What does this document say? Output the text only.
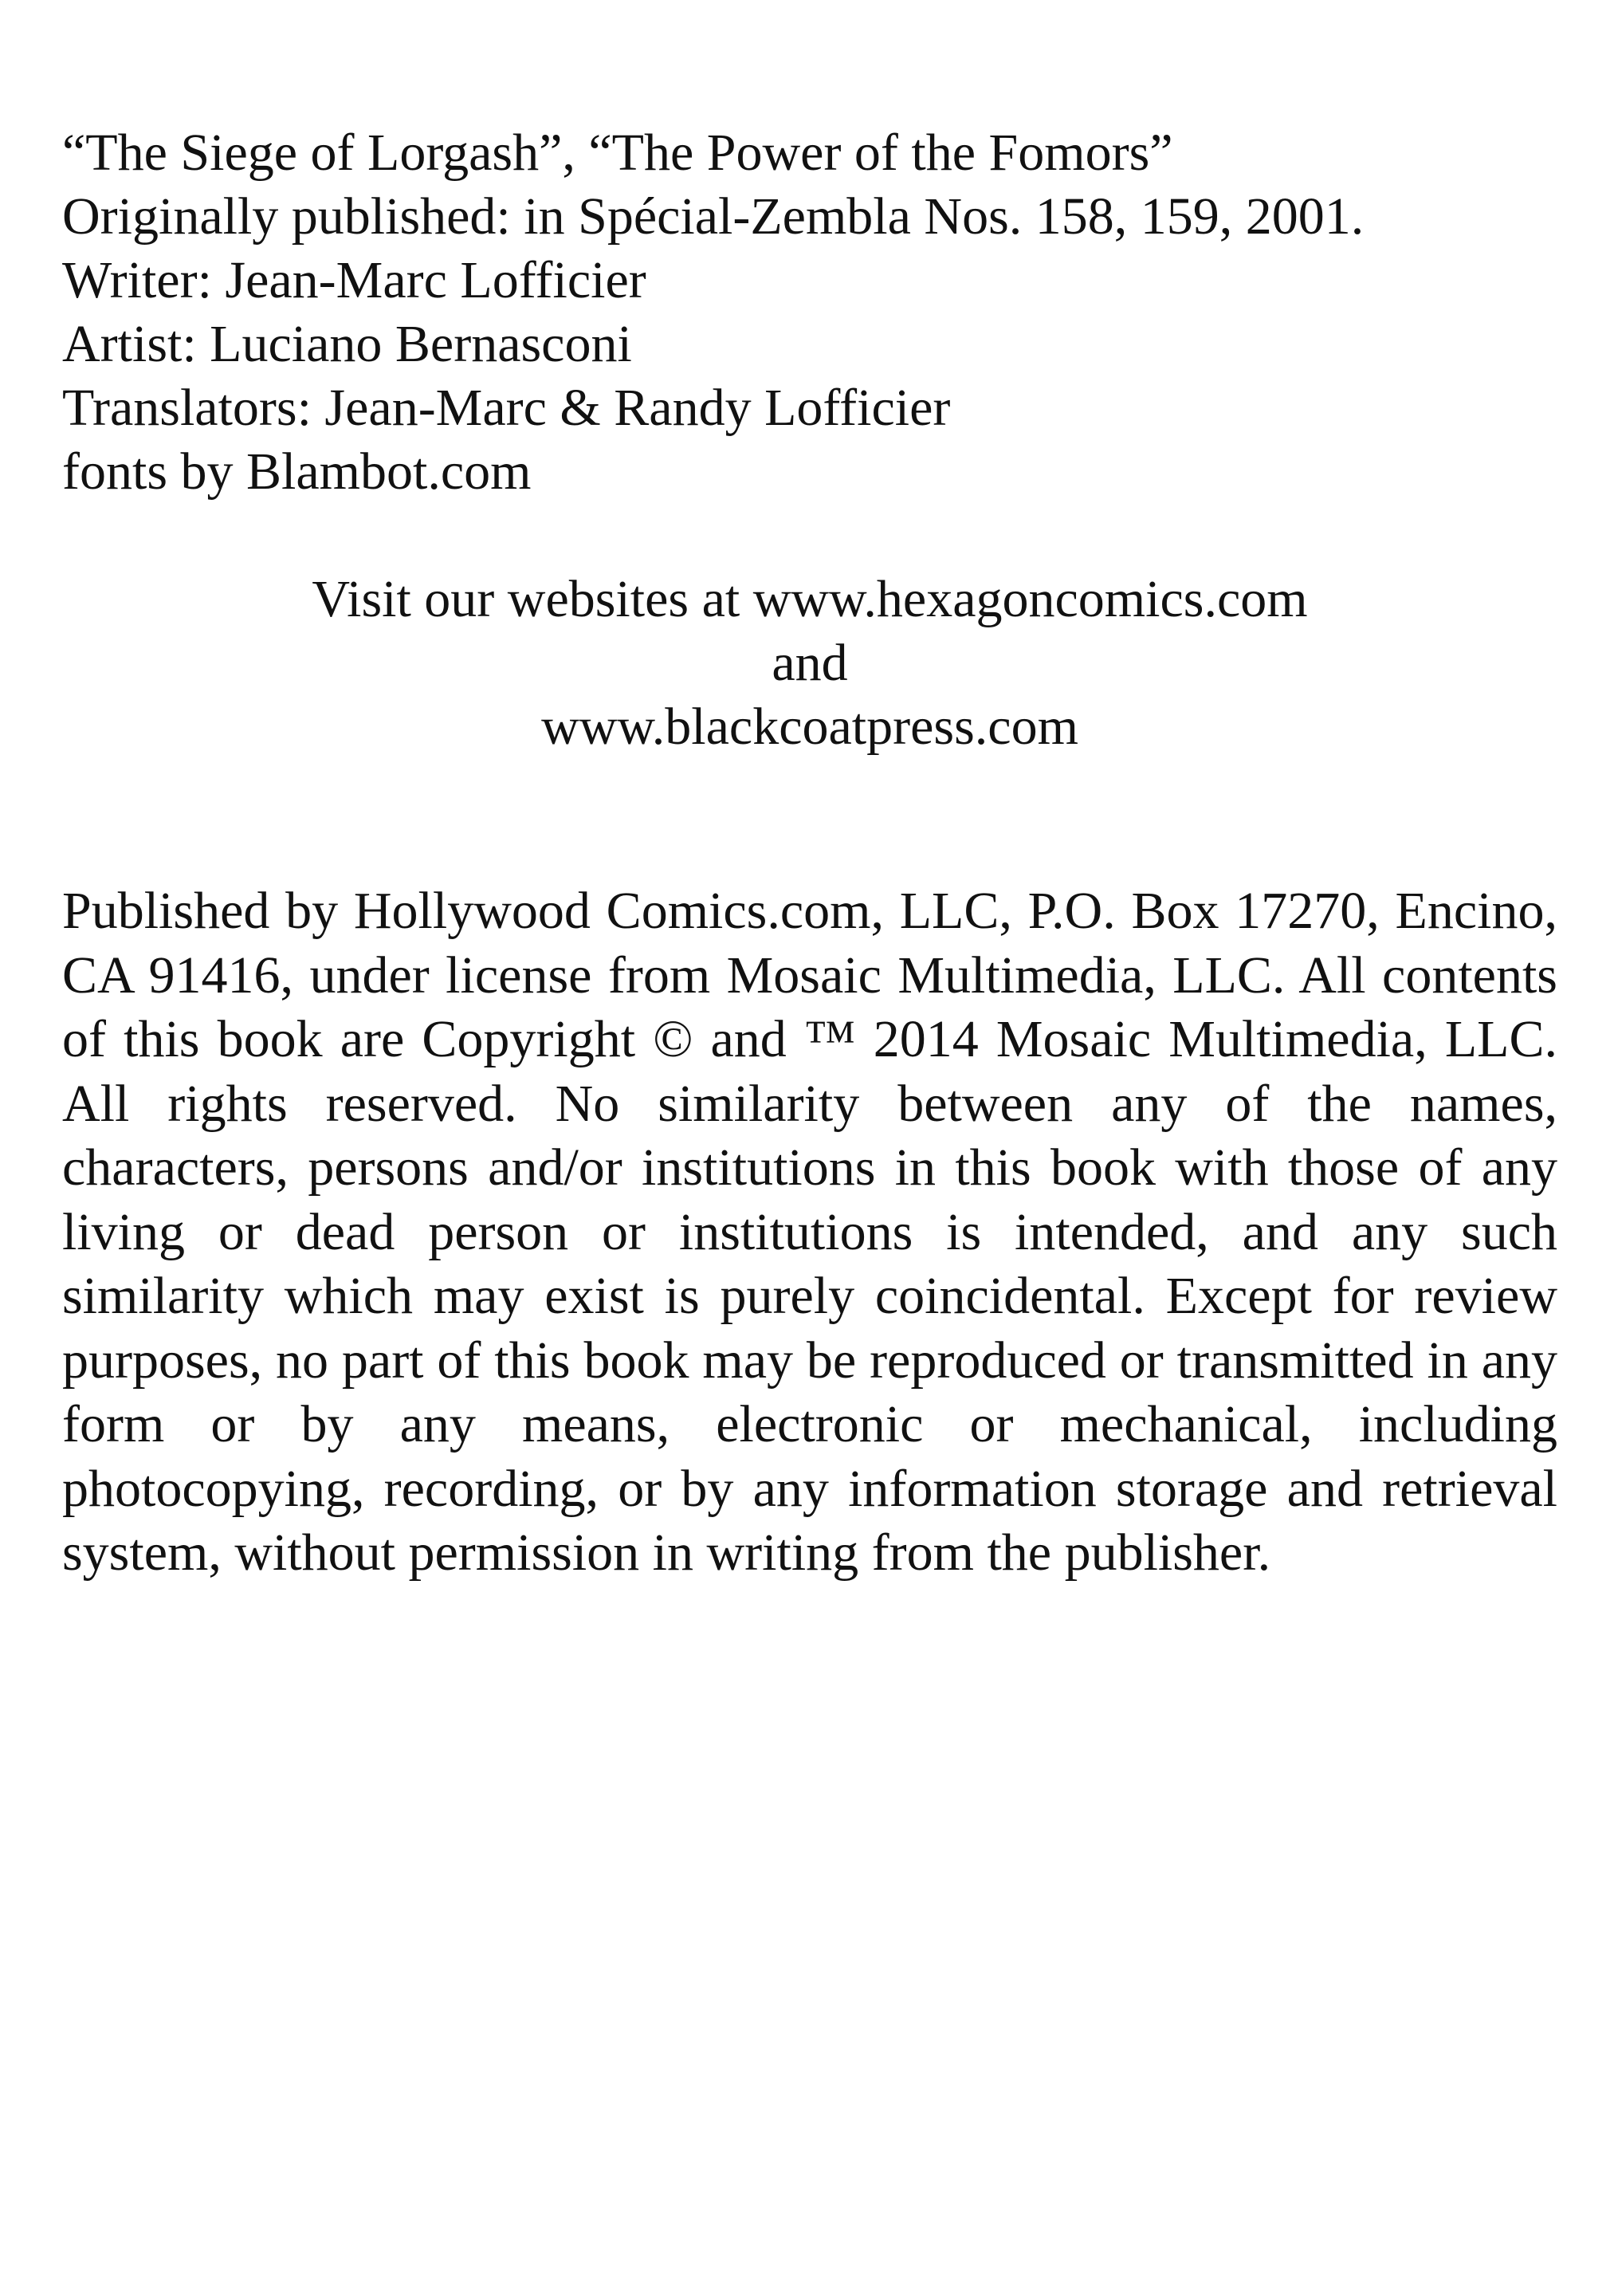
“The Siege of Lorgash”, “The Power of the Fomors”
Originally published: in Spécial-Zembla Nos. 158, 159, 2001.
Writer: Jean-Marc Lofficier
Artist: Luciano Bernasconi
Translators: Jean-Marc & Randy Lofficier
fonts by Blambot.com
Visit our websites at www.hexagoncomics.com
and
www.blackcoatpress.com

Published by Hollywood Comics.com, LLC, P.O. Box 17270, Encino, CA 91416, under license from Mosaic Multimedia, LLC. All contents of this book are Copyright © and ™ 2014 Mosaic Multimedia, LLC. All rights reserved. No similarity between any of the names, characters, persons and/or institutions in this book with those of any living or dead person or institutions is intended, and any such similarity which may exist is purely coincidental. Except for review purposes, no part of this book may be reproduced or transmitted in any form or by any means, electronic or mechanical, including photocopying, recording, or by any information storage and retrieval system, without permission in writing from the publisher.
